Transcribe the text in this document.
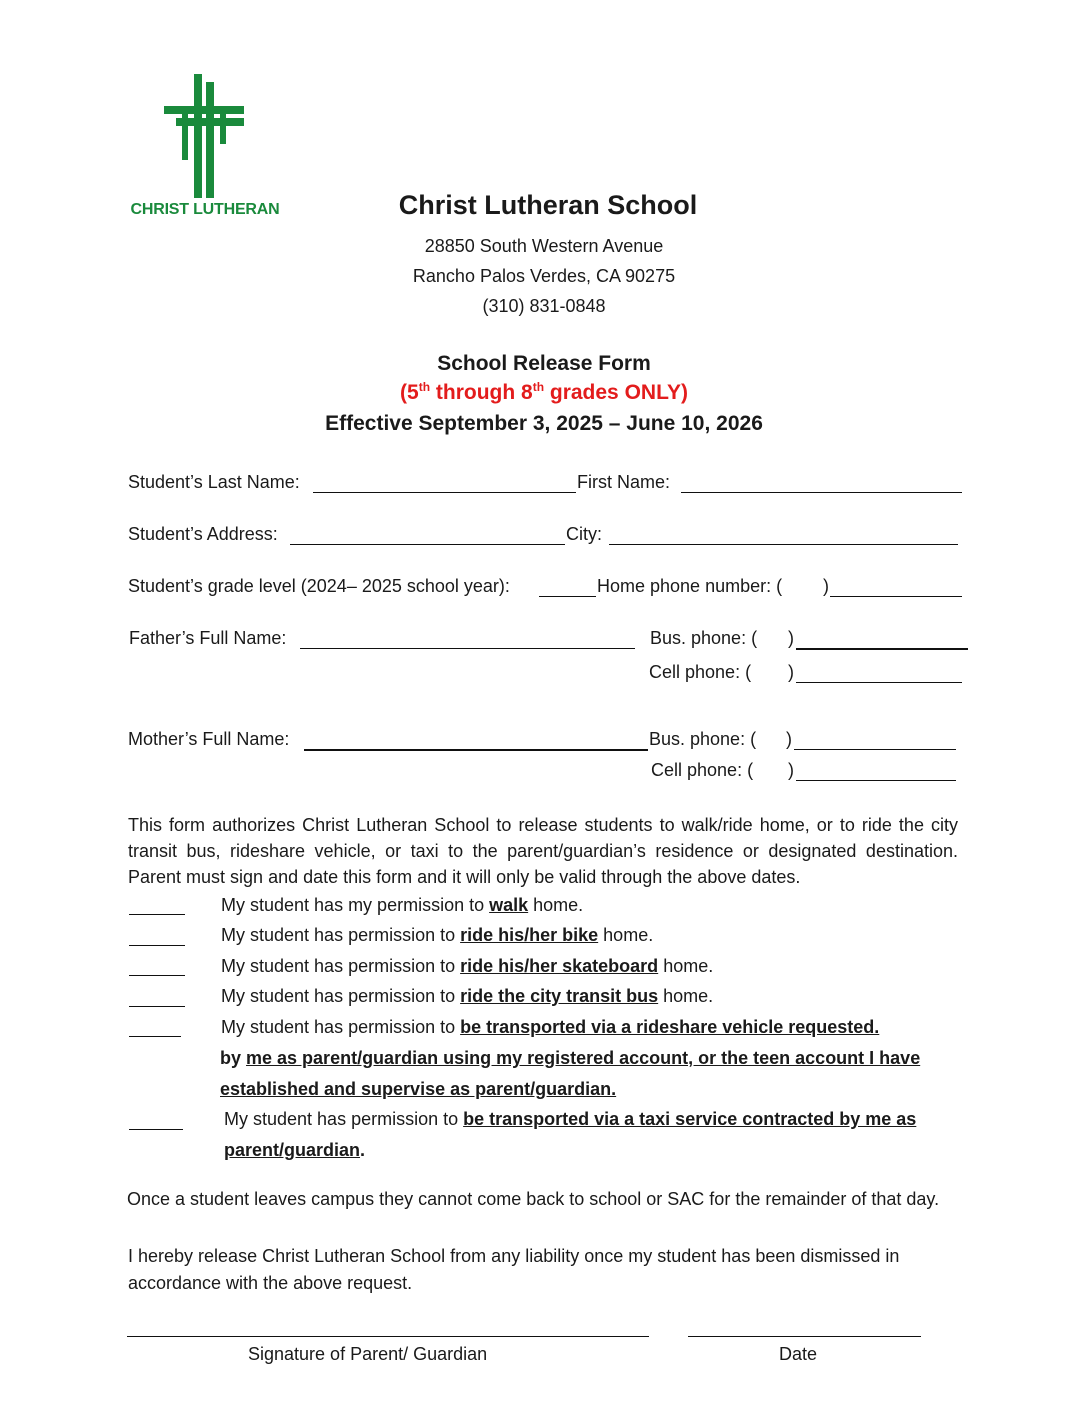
CHRIST LUTHERAN	Christ Lutheran School
28850 South Western Avenue
Rancho Palos Verdes, CA 90275
(310) 831-0848
School Release Form
(5th through 8th grades ONLY)
Effective September 3, 2025 – June 10, 2026
Student’s Last Name:	First Name:
Student’s Address:	City:
Student’s grade level (2024– 2025 school year):	Home phone number: ( )
Father’s Full Name:	Bus. phone: ( )
Cell phone: ( )
Mother’s Full Name:	Bus. phone: ( )
Cell phone: ( )
This form authorizes Christ Lutheran School to release students to walk/ride home, or to ride the city transit bus, rideshare vehicle, or taxi to the parent/guardian’s residence or designated destination. Parent must sign and date this form and it will only be valid through the above dates.
My student has my permission to walk home.
My student has permission to ride his/her bike home.
My student has permission to ride his/her skateboard home.
My student has permission to ride the city transit bus home.
My student has permission to be transported via a rideshare vehicle requested.
by me as parent/guardian using my registered account, or the teen account I have
established and supervise as parent/guardian.
My student has permission to be transported via a taxi service contracted by me as
parent/guardian.
Once a student leaves campus they cannot come back to school or SAC for the remainder of that day.
I hereby release Christ Lutheran School from any liability once my student has been dismissed in accordance with the above request.
Signature of Parent/ Guardian	Date
